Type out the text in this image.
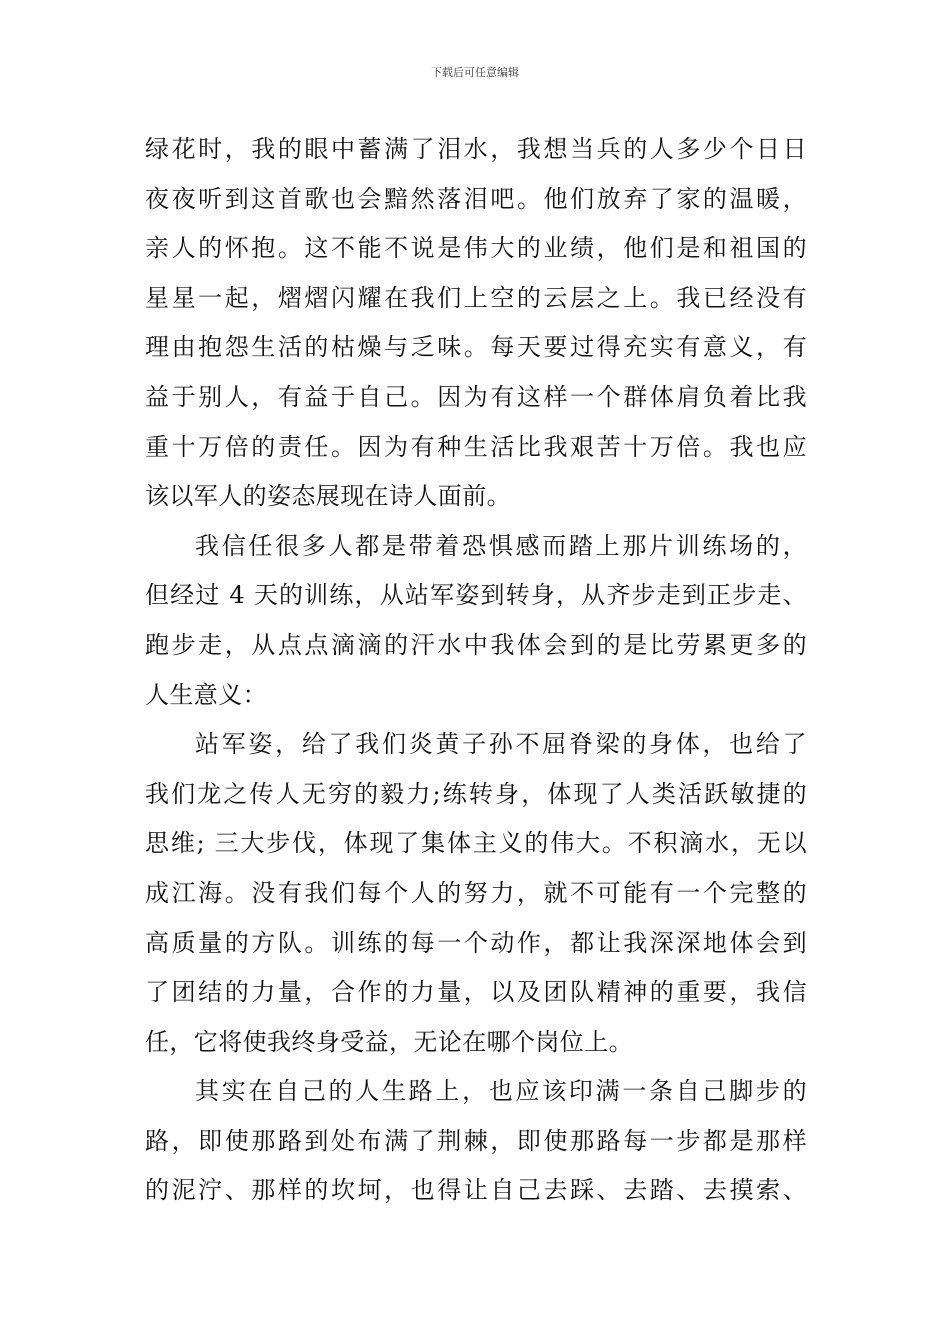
下载后可任意编辑
绿花时，我的眼中蓄满了泪水，我想当兵的人多少个日日
夜夜听到这首歌也会黯然落泪吧。他们放弃了家的温暖，
亲人的怀抱。这不能不说是伟大的业绩，他们是和祖国的
星星一起，熠熠闪耀在我们上空的云层之上。我已经没有
理由抱怨生活的枯燥与乏味。每天要过得充实有意义，有
益于别人，有益于自己。因为有这样一个群体肩负着比我
重十万倍的责任。因为有种生活比我艰苦十万倍。我也应
该以军人的姿态展现在诗人面前。
我信任很多人都是带着恐惧感而踏上那片训练场的，
但经过 4 天的训练，从站军姿到转身，从齐步走到正步走、
跑步走，从点点滴滴的汗水中我体会到的是比劳累更多的
人生意义：
站军姿，给了我们炎黄子孙不屈脊梁的身体，也给了
我们龙之传人无穷的毅力;练转身，体现了人类活跃敏捷的
思维; 三大步伐，体现了集体主义的伟大。不积滴水，无以
成江海。没有我们每个人的努力，就不可能有一个完整的
高质量的方队。训练的每一个动作，都让我深深地体会到
了团结的力量，合作的力量，以及团队精神的重要，我信
任，它将使我终身受益，无论在哪个岗位上。
其实在自己的人生路上，也应该印满一条自己脚步的
路，即使那路到处布满了荆棘，即使那路每一步都是那样
的泥泞、那样的坎坷，也得让自己去踩、去踏、去摸索、
